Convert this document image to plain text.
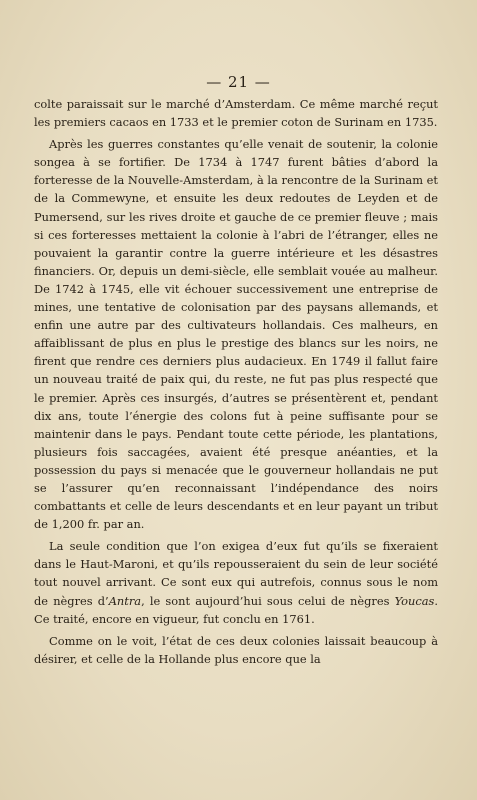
— 21 —

colte paraissait sur le marché d’Amsterdam. Ce même marché reçut les premiers cacaos en 1733 et le premier coton de Surinam en 1735.

Après les guerres constantes qu’elle venait de soutenir, la colonie songea à se fortifier. De 1734 à 1747 furent bâties d’abord la forteresse de la Nouvelle-Amsterdam, à la rencontre de la Surinam et de la Commewyne, et ensuite les deux redoutes de Leyden et de Pumersend, sur les rives droite et gauche de ce premier fleuve ; mais si ces forteresses mettaient la colonie à l’abri de l’étranger, elles ne pouvaient la garantir contre la guerre intérieure et les désastres financiers. Or, depuis un demi-siècle, elle semblait vouée au malheur. De 1742 à 1745, elle vit échouer successivement une entreprise de mines, une tentative de colonisation par des paysans allemands, et enfin une autre par des cultivateurs hollandais. Ces malheurs, en affaiblissant de plus en plus le prestige des blancs sur les noirs, ne firent que rendre ces derniers plus audacieux. En 1749 il fallut faire un nouveau traité de paix qui, du reste, ne fut pas plus respecté que le premier. Après ces insurgés, d’autres se présentèrent et, pendant dix ans, toute l’énergie des colons fut à peine suffisante pour se maintenir dans le pays. Pendant toute cette période, les plantations, plusieurs fois saccagées, avaient été presque anéanties, et la possession du pays si menacée que le gouverneur hollandais ne put se l’assurer qu’en reconnaissant l’indépendance des noirs combattants et celle de leurs descendants et en leur payant un tribut de 1,200 fr. par an.

La seule condition que l’on exigea d’eux fut qu’ils se fixeraient dans le Haut-Maroni, et qu’ils repousseraient du sein de leur société tout nouvel arrivant. Ce sont eux qui autrefois, connus sous le nom de nègres d’Antra, le sont aujourd’hui sous celui de nègres Youcas. Ce traité, encore en vigueur, fut conclu en 1761.

Comme on le voit, l’état de ces deux colonies laissait beaucoup à désirer, et celle de la Hollande plus encore que la
